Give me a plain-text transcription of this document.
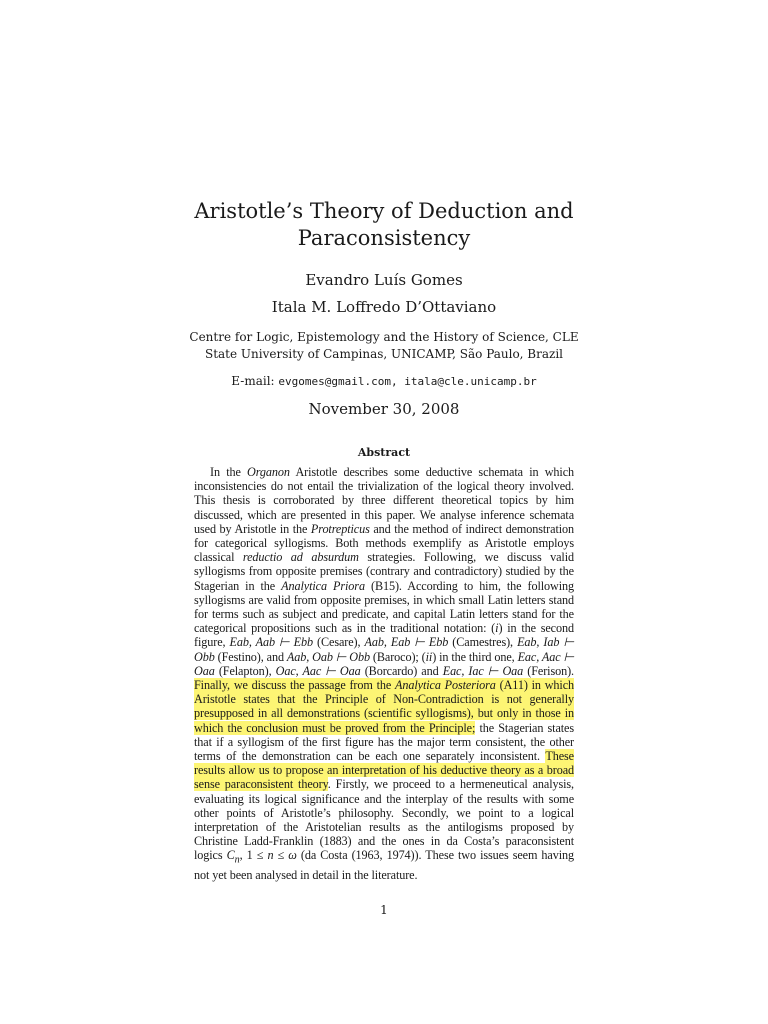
Aristotle’s Theory of Deduction and
Paraconsistency
Evandro Luís Gomes
Itala M. Loffredo D’Ottaviano
Centre for Logic, Epistemology and the History of Science, CLE
State University of Campinas, UNICAMP, São Paulo, Brazil
E-mail: evgomes@gmail.com, itala@cle.unicamp.br
November 30, 2008
Abstract

In the Organon Aristotle describes some deductive schemata in which inconsistencies do not entail the trivialization of the logical theory involved. This thesis is corroborated by three different theoretical topics by him discussed, which are presented in this paper. We analyse inference schemata used by Aristotle in the Protrepticus and the method of indirect demonstration for categorical syllogisms. Both methods exemplify as Aristotle employs classical reductio ad absurdum strategies. Following, we discuss valid syllogisms from opposite premises (contrary and contradictory) studied by the Stagerian in the Analytica Priora (B15). According to him, the following syllogisms are valid from opposite premises, in which small Latin letters stand for terms such as subject and predicate, and capital Latin letters stand for the categorical propositions such as in the traditional notation: (i) in the second figure, Eab, Aab ⊢ Ebb (Cesare), Aab, Eab ⊢ Ebb (Camestres), Eab, Iab ⊢ Obb (Festino), and Aab, Oab ⊢ Obb (Baroco); (ii) in the third one, Eac, Aac ⊢ Oaa (Felapton), Oac, Aac ⊢ Oaa (Borcardo) and Eac, Iac ⊢ Oaa (Ferison). Finally, we discuss the passage from the Analytica Posteriora (A11) in which Aristotle states that the Principle of Non-Contradiction is not generally presupposed in all demonstrations (scientific syllogisms), but only in those in which the conclusion must be proved from the Principle; the Stagerian states that if a syllogism of the first figure has the major term consistent, the other terms of the demonstration can be each one separately inconsistent. These results allow us to propose an interpretation of his deductive theory as a broad sense paraconsistent theory. Firstly, we proceed to a hermeneutical analysis, evaluating its logical significance and the interplay of the results with some other points of Aristotle’s philosophy. Secondly, we point to a logical interpretation of the Aristotelian results as the antilogisms proposed by Christine Ladd-Franklin (1883) and the ones in da Costa’s paraconsistent logics $C_n$, 1 ≤ n ≤ ω (da Costa (1963, 1974)). These two issues seem having not yet been analysed in detail in the literature.

1
